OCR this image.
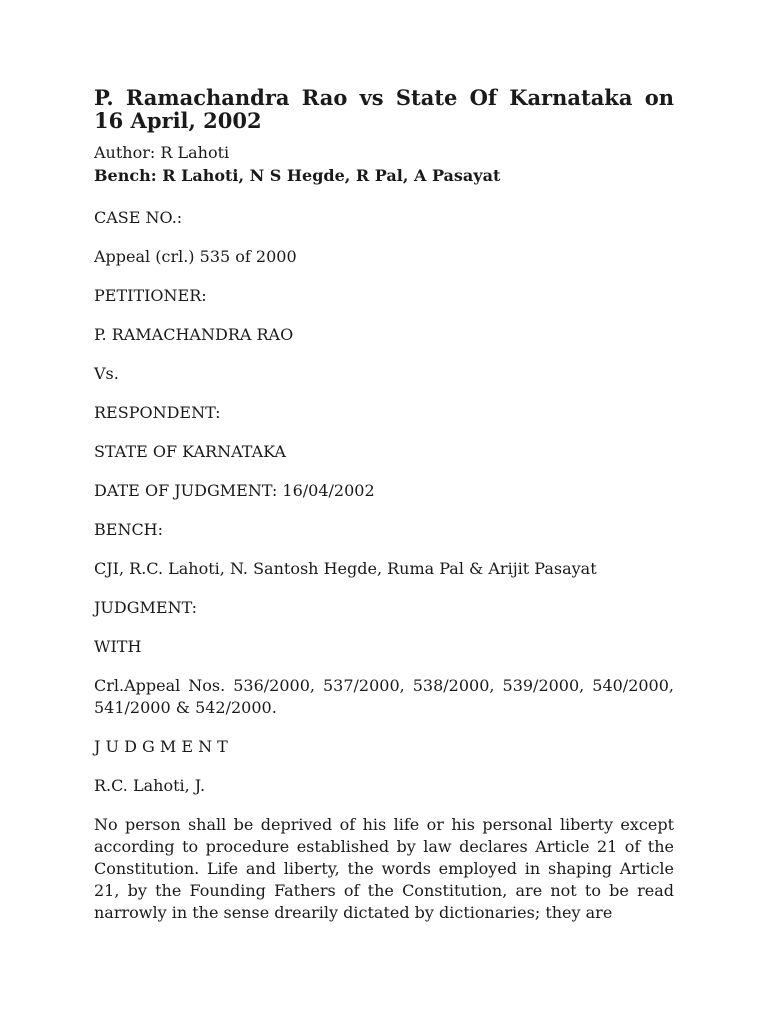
P. Ramachandra Rao vs State Of Karnataka on 16 April, 2002

Author: R Lahoti

Bench: R Lahoti, N S Hegde, R Pal, A Pasayat

CASE NO.:

Appeal (crl.) 535 of 2000

PETITIONER:

P. RAMACHANDRA RAO

Vs.

RESPONDENT:

STATE OF KARNATAKA

DATE OF JUDGMENT: 16/04/2002

BENCH:

CJI, R.C. Lahoti, N. Santosh Hegde, Ruma Pal & Arijit Pasayat

JUDGMENT:

WITH

Crl.Appeal Nos. 536/2000, 537/2000, 538/2000, 539/2000, 540/2000, 541/2000 & 542/2000.

J U D G M E N T

R.C. Lahoti, J.

No person shall be deprived of his life or his personal liberty except according to procedure established by law declares Article 21 of the Constitution. Life and liberty, the words employed in shaping Article 21, by the Founding Fathers of the Constitution, are not to be read narrowly in the sense drearily dictated by dictionaries; they are
